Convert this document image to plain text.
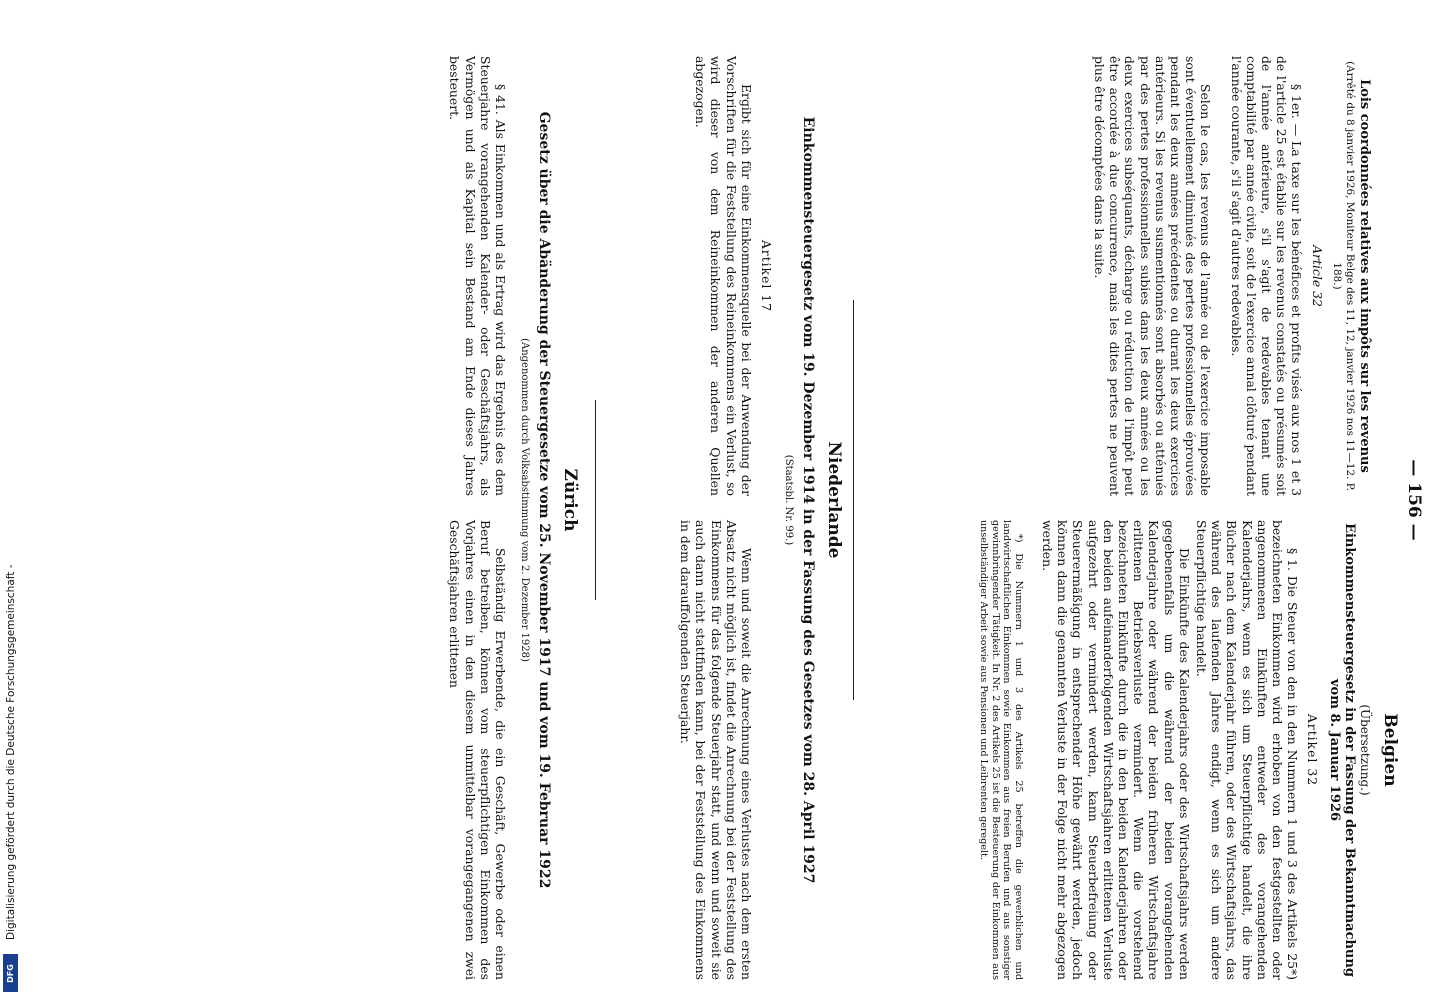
— 156 —
Belgien

Lois coordonnées relatives aux impôts sur les revenus

(Arrêté du 8 janvier 1926, Moniteur Belge des 11, 12, janvier 1926 nos 11—12. P. 188.)

Article 32

§ 1er. — La taxe sur les bénéfices et profits visés aux nos 1 et 3 de l'article 25 est établie sur les revenus constatés ou présumés soit de l'année antérieure, s'il s'agit de redevables tenant une comptabilité par année civile, soit de l'exercice annal clôturé pendant l'année courante, s'il s'agit d'autres redevables.

Selon le cas, les revenus de l'année ou de l'exercice imposable sont éventuellement diminués des pertes professionnelles éprouvées pendant les deux années précédentes ou durant les deux exercices antérieurs. Si les revenus susmentionnés sont absorbés ou atténués par des pertes professionnelles subies dans les deux années ou les deux exercices subséquants, décharge ou réduction de l'impôt peut être accordée à due concurrence, mais les dites pertes ne peuvent plus être décomptées dans la suite.

(Übersetzung.)

Einkommensteuergesetz in der Fassung der Bekanntmachung vom 8. Januar 1926

Artikel 32

§ 1. Die Steuer von den in den Nummern 1 und 3 des Artikels 25*) bezeichneten Einkommen wird erhoben von den festgestellten oder angenommenen Einkünften entweder des vorangehenden Kalenderjahrs, wenn es sich um Steuerpflichtige handelt, die ihre Bücher nach dem Kalenderjahr führen, oder des Wirtschaftsjahrs, das während des laufenden Jahres endigt, wenn es sich um andere Steuerpflichtige handelt.

Die Einkünfte des Kalenderjahrs oder des Wirtschaftsjahrs werden gegebenenfalls um die während der beiden vorangehenden Kalenderjahre oder während der beiden früheren Wirtschaftsjahre erlittenen Betriebsverluste vermindert. Wenn die vorstehend bezeichneten Einkünfte durch die in den beiden Kalenderjahren oder den beiden aufeinanderfolgenden Wirtschaftsjahren erlittenen Verluste aufgezehrt oder vermindert werden, kann Steuerbefreiung oder Steuerermäßigung in entsprechender Höhe gewährt werden, jedoch können dann die genannten Verluste in der Folge nicht mehr abgezogen werden.

*) Die Nummern 1 und 3 des Artikels 25 betreffen die gewerblichen und landwirtschaftlichen Einkommen sowie Einkommen aus freien Berufen und aus sonstiger gewinnbringender Tätigkeit. In Nr. 2 des Artikels 25 ist die Besteuerung der Einkommen aus unselbständiger Arbeit sowie aus Pensionen und Leibrenten geregelt.

Niederlande
Einkommensteuergesetz vom 19. Dezember 1914 in der Fassung des Gesetzes vom 28. April 1927
(Staatsbl. Nr. 99.)

Artikel 17

Ergibt sich für eine Einkommensquelle bei der Anwendung der Vorschriften für die Feststellung des Reineinkommens ein Verlust, so wird dieser von dem Reineinkommen der anderen Quellen abgezogen.

Wenn und soweit die Anrechnung eines Verlustes nach dem ersten Absatz nicht möglich ist, findet die Anrechnung bei der Feststellung des Einkommens für das folgende Steuerjahr statt, und wenn und soweit sie auch dann nicht stattfinden kann, bei der Feststellung des Einkommens in dem darauffolgenden Steuerjahr.

Zürich
Gesetz über die Abänderung der Steuergesetze vom 25. November 1917 und vom 19. Februar 1922
(Angenommen durch Volksabstimmung vom 2. Dezember 1928)

§ 41. Als Einkommen und als Ertrag wird das Ergebnis des dem Steuerjahre vorangehenden Kalender- oder Geschäftsjahrs, als Vermögen und als Kapital sein Bestand am Ende dieses Jahres besteuert.

Selbständig Erwerbende, die ein Geschäft, Gewerbe oder einen Beruf betreiben, können vom steuerpflichtigen Einkommen des Vorjahres einen in den diesem unmittelbar vorangegangenen zwei Geschäftsjahren erlittenen

Digitalisierung gefördert durch die Deutsche Forschungsgemeinschaft -
DFG
